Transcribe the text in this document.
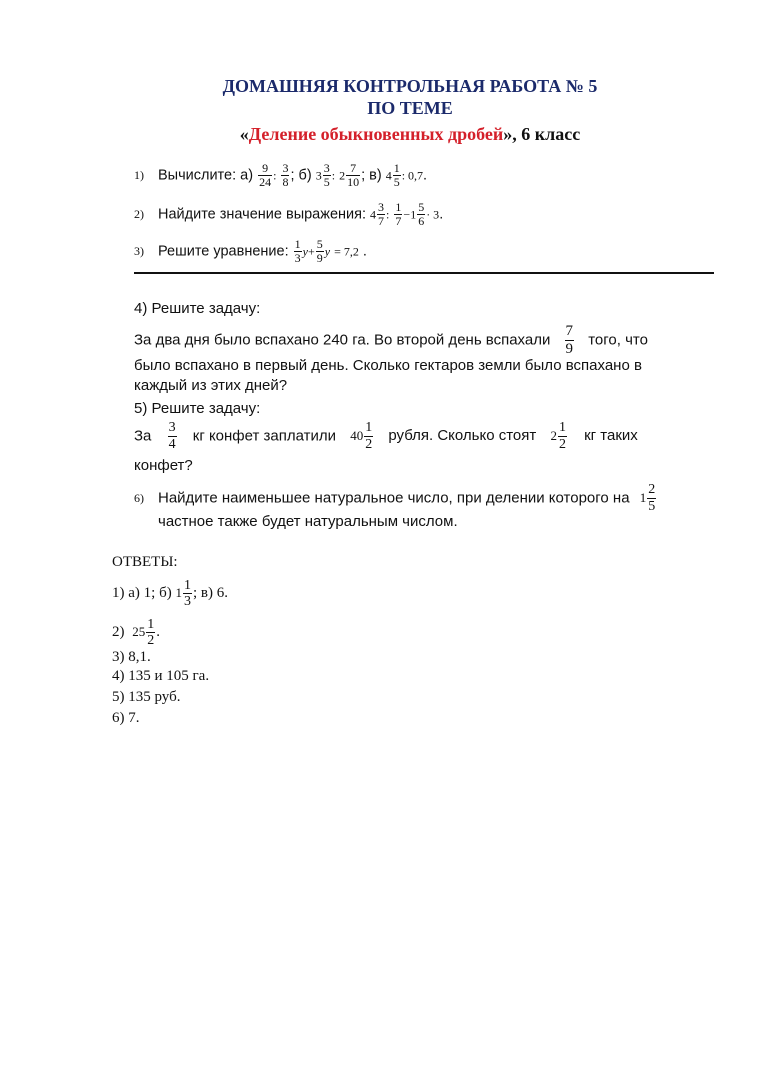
ДОМАШНЯЯ КОНТРОЛЬНАЯ РАБОТА № 5
ПО ТЕМЕ
«Деление обыкновенных дробей», 6 класс
1) Вычислите: $а) \frac{9}{24}$ : $\frac{3}{8}$ ; б) $3 \frac{3}{5}$ : $2 \frac{7}{10}$ ; в) $4 \frac{1}{5}$ : 0,7.
2) Найдите значение выражения: $4 \frac{3}{7}$ : $\frac{1}{7} -1 \frac{5}{6} \cdot 3$.
3) Решите уравнение: $\frac{1}{3} y+ \frac{5}{9}$ y = 7,2 .
4) Решите задачу:
За два дня было вспахано 240 га. Во второй день вспахали $\frac{7}{9}$ того, что
было вспахано в первый день. Сколько гектаров земли было вспахано в
каждый из этих дней?
5) Решите задачу:
За $\frac{3}{4}$ кг конфет заплатили $40 \frac{1}{2}$ рубля. Сколько стоят $2 \frac{1}{2}$ кг таких
конфет?
6) Найдите наименьшее натуральное число, при делении которого на $1 \frac{2}{5}$
частное также будет натуральным числом.
ОТВЕТЫ:
1) а) 1; б) $1 \frac{1}{3}$ ; в) 6.
2) $25 \frac{1}{2}$ .
3) 8,1.
4) 135 и 105 га.
5) 135 руб.
6) 7.
